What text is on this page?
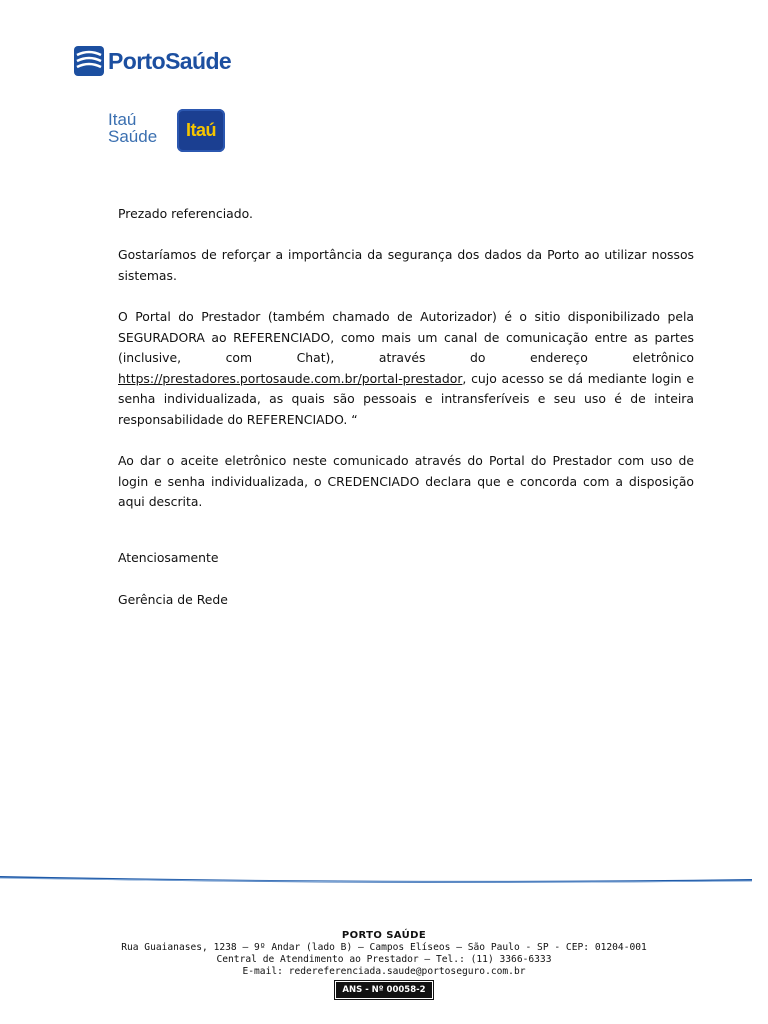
PortoSaúde
Itaú
Saúde Itaú

Prezado referenciado.

Gostaríamos de reforçar a importância da segurança dos dados da Porto ao utilizar nossos sistemas.

O Portal do Prestador (também chamado de Autorizador) é o sitio disponibilizado pela SEGURADORA ao REFERENCIADO, como mais um canal de comunicação entre as partes (inclusive, com Chat), através do endereço eletrônico https://prestadores.portosaude.com.br/portal-prestador, cujo acesso se dá mediante login e senha individualizada, as quais são pessoais e intransferíveis e seu uso é de inteira responsabilidade do REFERENCIADO. “

Ao dar o aceite eletrônico neste comunicado através do Portal do Prestador com uso de login e senha individualizada, o CREDENCIADO declara que e concorda com a disposição aqui descrita.

Atenciosamente
Gerência de Rede
PORTO SAÚDE
Rua Guaianases, 1238 – 9º Andar (lado B) – Campos Elíseos – São Paulo - SP - CEP: 01204-001
Central de Atendimento ao Prestador – Tel.: (11) 3366-6333
E-mail: redereferenciada.saude@portoseguro.com.br
ANS - Nº 00058-2
